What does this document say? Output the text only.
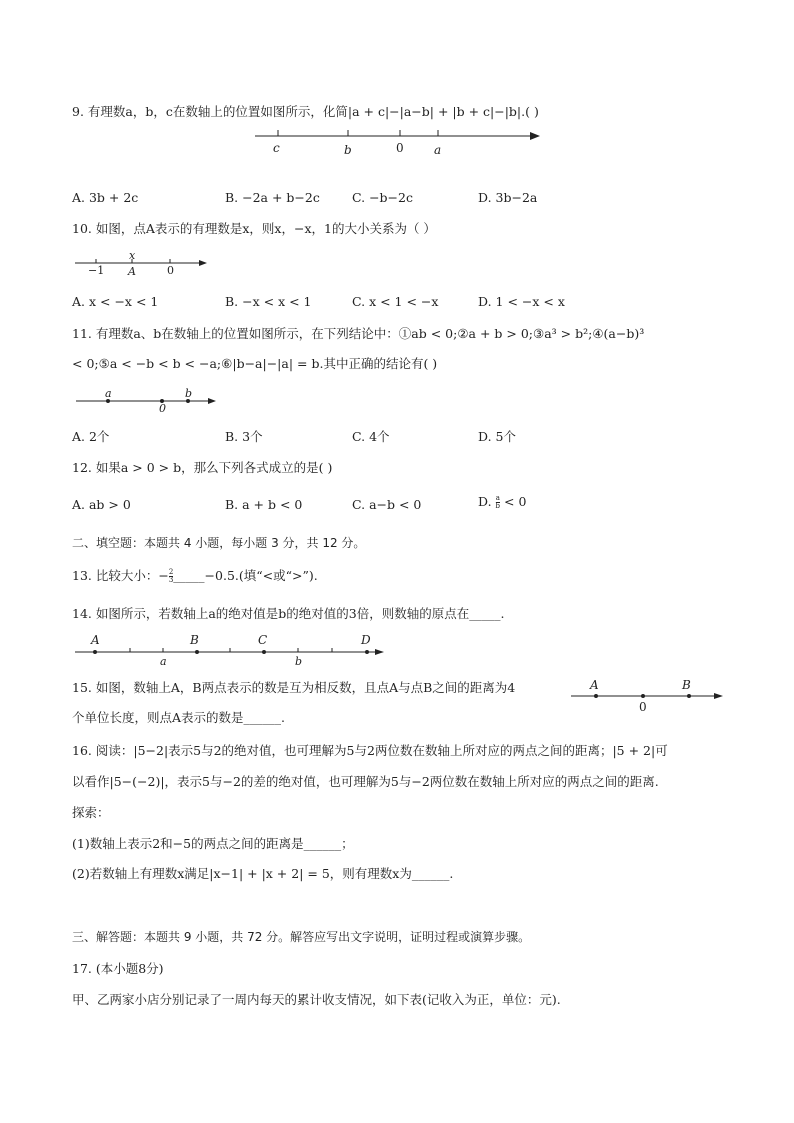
9. 有理数a，b，c在数轴上的位置如图所示，化简|a + c|−|a−b| + |b + c|−|b|.( )
c	b	0	a
A. 3b + 2c	B. −2a + b−2c	C. −b−2c	D. 3b−2a
10. 如图，点A表示的有理数是x，则x，−x，1的大小关系为（ ）
−1
x
A	0
A. x < −x < 1	B. −x < x < 1	C. x < 1 < −x	D. 1 < −x < x
11. 有理数a、b在数轴上的位置如图所示，在下列结论中：①ab < 0;②a + b > 0;③a³ > b²;④(a−b)³
< 0;⑤a < −b < b < −a;⑥|b−a|−|a| = b.其中正确的结论有( )
a	b
0
A. 2个	B. 3个	C. 4个	D. 5个
12. 如果a > 0 > b，那么下列各式成立的是( )
A. ab > 0	B. a + b < 0	C. a−b < 0	D. $\frac{a}{b} < 0$
二、填空题：本题共 4 小题，每小题 3 分，共 12 分。
13. 比较大小：− $\frac{2}{3}$ _____−0.5.(填“<或“>”).
14. 如图所示，若数轴上a的绝对值是b的绝对值的3倍，则数轴的原点在_____.
A	B	C	D
a	b
15. 如图，数轴上A，B两点表示的数是互为相反数，且点A与点B之间的距离为4
个单位长度，则点A表示的数是______.
A	B
0
16. 阅读：|5−2|表示5与2的绝对值，也可理解为5与2两位数在数轴上所对应的两点之间的距离；|5 + 2|可
以看作|5−(−2)|，表示5与−2的差的绝对值，也可理解为5与−2两位数在数轴上所对应的两点之间的距离.
探索：
(1)数轴上表示2和−5的两点之间的距离是______；
(2)若数轴上有理数x满足|x−1| + |x + 2| = 5，则有理数x为______.
三、解答题：本题共 9 小题，共 72 分。解答应写出文字说明，证明过程或演算步骤。
17. (本小题8分)
甲、乙两家小店分别记录了一周内每天的累计收支情况，如下表(记收入为正，单位：元).
